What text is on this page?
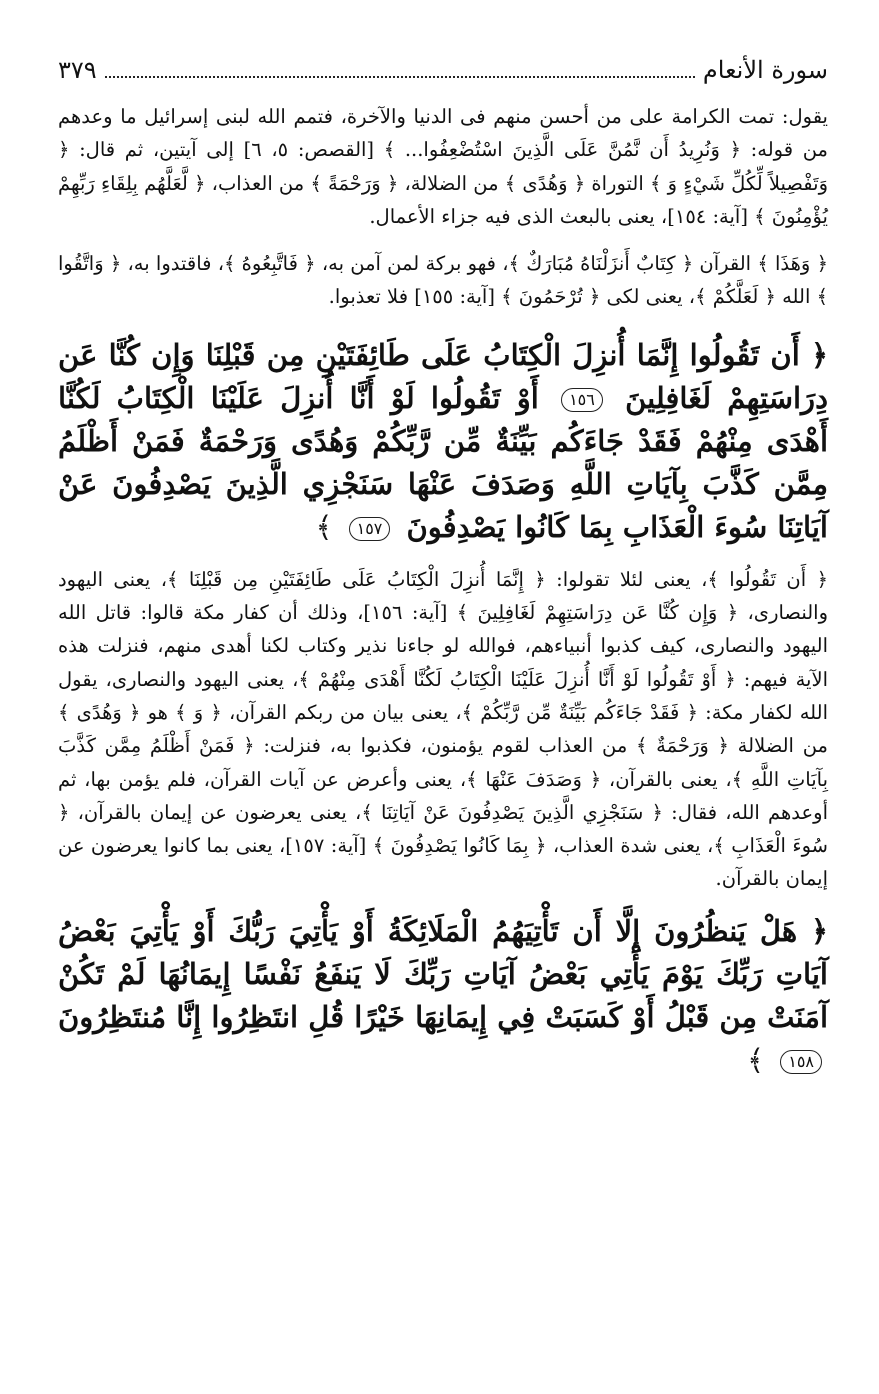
سورة الأنعام
٣٧٩

يقول: تمت الكرامة على من أحسن منهم فى الدنيا والآخرة، فتمم الله لبنى إسرائيل ما وعدهم من قوله: ﴿ وَنُرِيدُ أَن نَّمُنَّ عَلَى الَّذِينَ اسْتُضْعِفُوا... ﴾ [القصص: ٥، ٦] إلى آيتين، ثم قال: ﴿ وَتَفْصِيلاً لِّكُلِّ شَيْءٍ وَ ﴾ التوراة ﴿ وَهُدًى ﴾ من الضلالة، ﴿ وَرَحْمَةً ﴾ من العذاب، ﴿ لَّعَلَّهُم بِلِقَاءِ رَبِّهِمْ يُؤْمِنُونَ ﴾ [آية: ١٥٤]، يعنى بالبعث الذى فيه جزاء الأعمال.

﴿ وَهَذَا ﴾ القرآن ﴿ كِتَابٌ أَنزَلْنَاهُ مُبَارَكٌ ﴾، فهو بركة لمن آمن به، ﴿ فَاتَّبِعُوهُ ﴾، فاقتدوا به، ﴿ وَاتَّقُوا ﴾ الله ﴿ لَعَلَّكُمْ ﴾، يعنى لكى ﴿ تُرْحَمُونَ ﴾ [آية: ١٥٥] فلا تعذبوا.

﴿ أَن تَقُولُوا إِنَّمَا أُنزِلَ الْكِتَابُ عَلَى طَائِفَتَيْنِ مِن قَبْلِنَا وَإِن كُنَّا عَن دِرَاسَتِهِمْ لَغَافِلِينَ ١٥٦ أَوْ تَقُولُوا لَوْ أَنَّا أُنزِلَ عَلَيْنَا الْكِتَابُ لَكُنَّا أَهْدَى مِنْهُمْ فَقَدْ جَاءَكُم بَيِّنَةٌ مِّن رَّبِّكُمْ وَهُدًى وَرَحْمَةٌ فَمَنْ أَظْلَمُ مِمَّن كَذَّبَ بِآيَاتِ اللَّهِ وَصَدَفَ عَنْهَا سَنَجْزِي الَّذِينَ يَصْدِفُونَ عَنْ آيَاتِنَا سُوءَ الْعَذَابِ بِمَا كَانُوا يَصْدِفُونَ ١٥٧ ﴾

﴿ أَن تَقُولُوا ﴾، يعنى لئلا تقولوا: ﴿ إِنَّمَا أُنزِلَ الْكِتَابُ عَلَى طَائِفَتَيْنِ مِن قَبْلِنَا ﴾، يعنى اليهود والنصارى، ﴿ وَإِن كُنَّا عَن دِرَاسَتِهِمْ لَغَافِلِينَ ﴾ [آية: ١٥٦]، وذلك أن كفار مكة قالوا: قاتل الله اليهود والنصارى، كيف كذبوا أنبياءهم، فوالله لو جاءنا نذير وكتاب لكنا أهدى منهم، فنزلت هذه الآية فيهم: ﴿ أَوْ تَقُولُوا لَوْ أَنَّا أُنزِلَ عَلَيْنَا الْكِتَابُ لَكُنَّا أَهْدَى مِنْهُمْ ﴾، يعنى اليهود والنصارى، يقول الله لكفار مكة: ﴿ فَقَدْ جَاءَكُم بَيِّنَةٌ مِّن رَّبِّكُمْ ﴾، يعنى بيان من ربكم القرآن، ﴿ وَ ﴾ هو ﴿ وَهُدًى ﴾ من الضلالة ﴿ وَرَحْمَةٌ ﴾ من العذاب لقوم يؤمنون، فكذبوا به، فنزلت: ﴿ فَمَنْ أَظْلَمُ مِمَّن كَذَّبَ بِآيَاتِ اللَّهِ ﴾، يعنى بالقرآن، ﴿ وَصَدَفَ عَنْهَا ﴾، يعنى وأعرض عن آيات القرآن، فلم يؤمن بها، ثم أوعدهم الله، فقال: ﴿ سَنَجْزِي الَّذِينَ يَصْدِفُونَ عَنْ آيَاتِنَا ﴾، يعنى يعرضون عن إيمان بالقرآن، ﴿ سُوءَ الْعَذَابِ ﴾، يعنى شدة العذاب، ﴿ بِمَا كَانُوا يَصْدِفُونَ ﴾ [آية: ١٥٧]، يعنى بما كانوا يعرضون عن إيمان بالقرآن.

﴿ هَلْ يَنظُرُونَ إِلَّا أَن تَأْتِيَهُمُ الْمَلَائِكَةُ أَوْ يَأْتِيَ رَبُّكَ أَوْ يَأْتِيَ بَعْضُ آيَاتِ رَبِّكَ يَوْمَ يَأْتِي بَعْضُ آيَاتِ رَبِّكَ لَا يَنفَعُ نَفْسًا إِيمَانُهَا لَمْ تَكُنْ آمَنَتْ مِن قَبْلُ أَوْ كَسَبَتْ فِي إِيمَانِهَا خَيْرًا قُلِ انتَظِرُوا إِنَّا مُنتَظِرُونَ ١٥٨ ﴾
